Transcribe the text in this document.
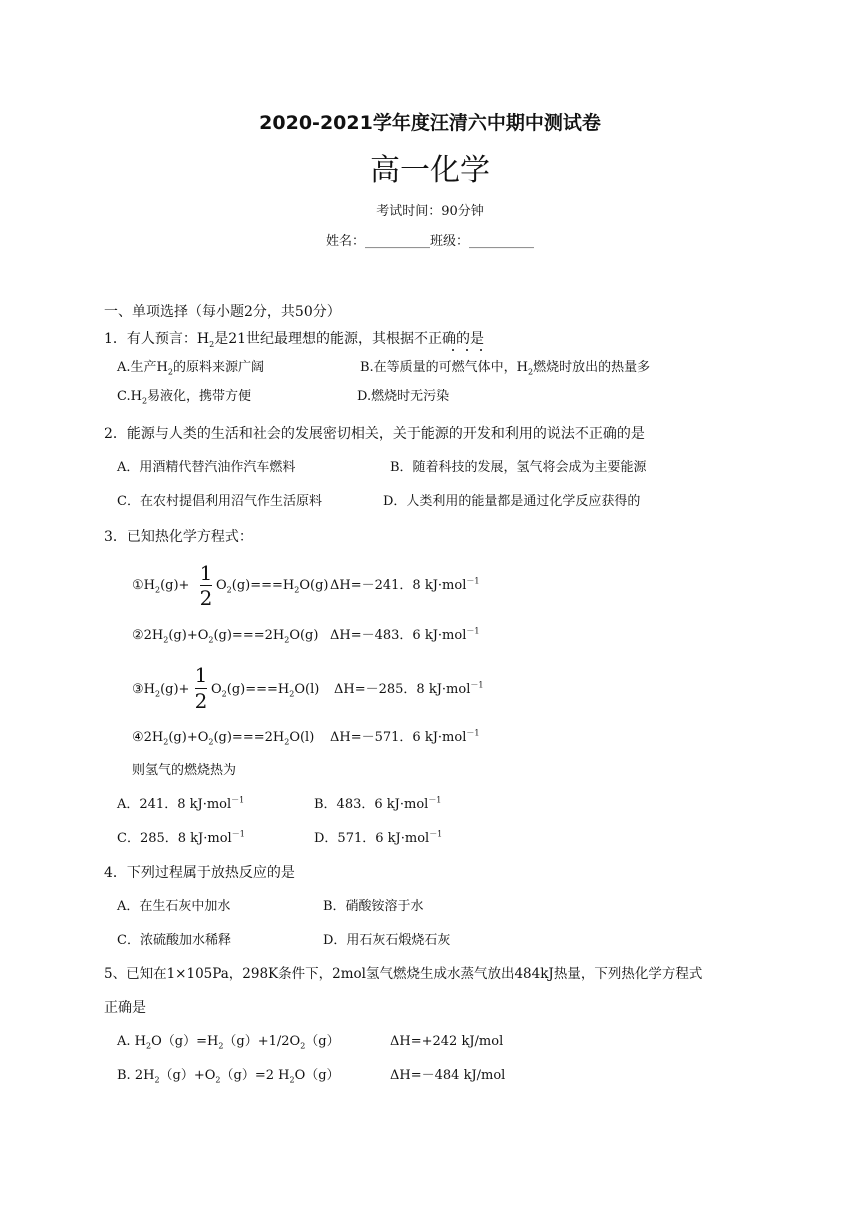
2020-2021学年度汪清六中期中测试卷
高一化学
考试时间：90分钟
姓名：__________班级：__________
一、单项选择（每小题2分，共50分）
1．有人预言：$H_2$是21世纪最理想的能源，其根据不正确的是
A.生产$H_2$的原料来源广阔	B.在等质量的可燃气体中，$H_2$燃烧时放出的热量多
$C.H_2$易液化，携带方便	D.燃烧时无污染
2．能源与人类的生活和社会的发展密切相关，关于能源的开发和利用的说法不正确的是
A．用酒精代替汽油作汽车燃料	B．随着科技的发展，氢气将会成为主要能源
C．在农村提倡利用沼气作生活原料	D．人类利用的能量都是通过化学反应获得的
3．已知热化学方程式：
$①H_2(g)+$
1
2
$O_2(g)===H_2O(g)$ ΔH=－241．8 kJ·mol$^{-1}$
$②2H_2(g)+O_2(g)===2H_2O(g)$ ΔH=－483．6 kJ·mol$^{-1}$
$③H_2(g)+$
1
2 $O_2(g)===H_2O(l)$ ΔH=－285．8 kJ·mol$^{-1}$
$④2H_2(g)+O_2(g)===2H_2O(l)$ ΔH=－571．6 kJ·mol$^{-1}$
则氢气的燃烧热为
A．241．8 kJ·mol$^{-1}$	B．483．6 kJ·mol$^{-1}$
C．285．8 kJ·mol$^{-1}$	D．571．6 kJ·mol$^{-1}$
4．下列过程属于放热反应的是
A．在生石灰中加水	B．硝酸铵溶于水
C．浓硫酸加水稀释	D．用石灰石煅烧石灰
5、已知在1×105Pa，298K条件下，2mol氢气燃烧生成水蒸气放出484kJ热量，下列热化学方程式
正确是
A. $H_2O(g)=H_2(g)+1/2O_2(g)$	ΔH=+242 kJ/mol
B. $2H_2(g)+O_2(g)=2$ $H_2O(g)$	ΔH=－484 kJ/mol
